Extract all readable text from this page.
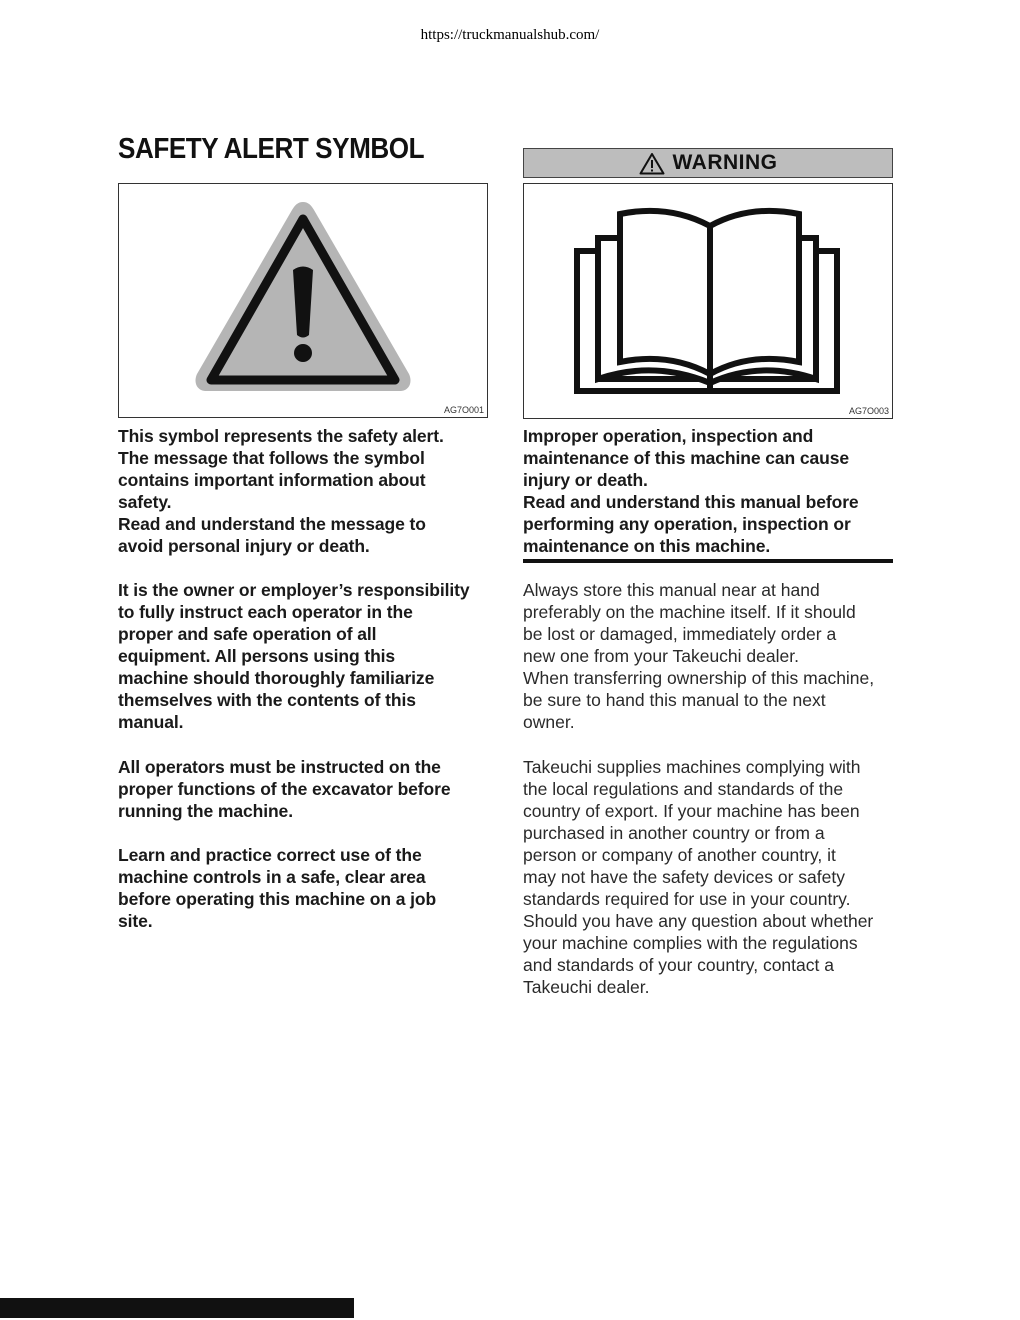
https://truckmanualshub.com/
SAFETY ALERT SYMBOL
AG7O001
WARNING
AG7O003
This symbol represents the safety alert.
The message that follows the symbol
contains important information about
safety.
Read and understand the message to
avoid personal injury or death.
It is the owner or employer’s responsibility
to fully instruct each operator in the
proper and safe operation of all
equipment. All persons using this
machine should thoroughly familiarize
themselves with the contents of this
manual.
All operators must be instructed on the
proper functions of the excavator before
running the machine.
Learn and practice correct use of the
machine controls in a safe, clear area
before operating this machine on a job
site.
Improper operation, inspection and
maintenance of this machine can cause
injury or death.
Read and understand this manual before
performing any operation, inspection or
maintenance on this machine.
Always store this manual near at hand
preferably on the machine itself. If it should
be lost or damaged, immediately order a
new one from your Takeuchi dealer.
When transferring ownership of this machine,
be sure to hand this manual to the next
owner.
Takeuchi supplies machines complying with
the local regulations and standards of the
country of export. If your machine has been
purchased in another country or from a
person or company of another country, it
may not have the safety devices or safety
standards required for use in your country.
Should you have any question about whether
your machine complies with the regulations
and standards of your country, contact a
Takeuchi dealer.
